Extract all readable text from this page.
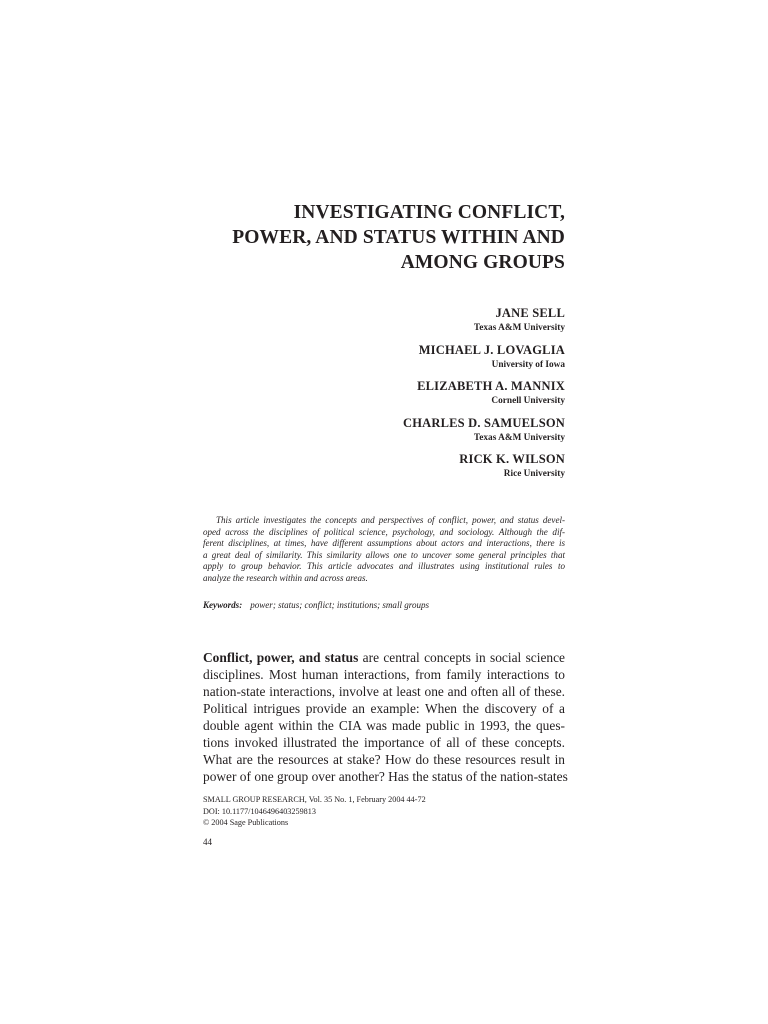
INVESTIGATING CONFLICT,
POWER, AND STATUS WITHIN AND
AMONG GROUPS
JANE SELL
Texas A&M University
MICHAEL J. LOVAGLIA
University of Iowa
ELIZABETH A. MANNIX
Cornell University
CHARLES D. SAMUELSON
Texas A&M University
RICK K. WILSON
Rice University
This article investigates the concepts and perspectives of conflict, power, and status devel-
oped across the disciplines of political science, psychology, and sociology. Although the dif-
ferent disciplines, at times, have different assumptions about actors and interactions, there is
a great deal of similarity. This similarity allows one to uncover some general principles that
apply to group behavior. This article advocates and illustrates using institutional rules to
analyze the research within and across areas.
Keywords: power; status; conflict; institutions; small groups
Conflict, power, and status are central concepts in social science
disciplines. Most human interactions, from family interactions to
nation-state interactions, involve at least one and often all of these.
Political intrigues provide an example: When the discovery of a
double agent within the CIA was made public in 1993, the ques-
tions invoked illustrated the importance of all of these concepts.
What are the resources at stake? How do these resources result in
power of one group over another? Has the status of the nation-states
SMALL GROUP RESEARCH, Vol. 35 No. 1, February 2004 44-72
DOI: 10.1177/1046496403259813
© 2004 Sage Publications
44
